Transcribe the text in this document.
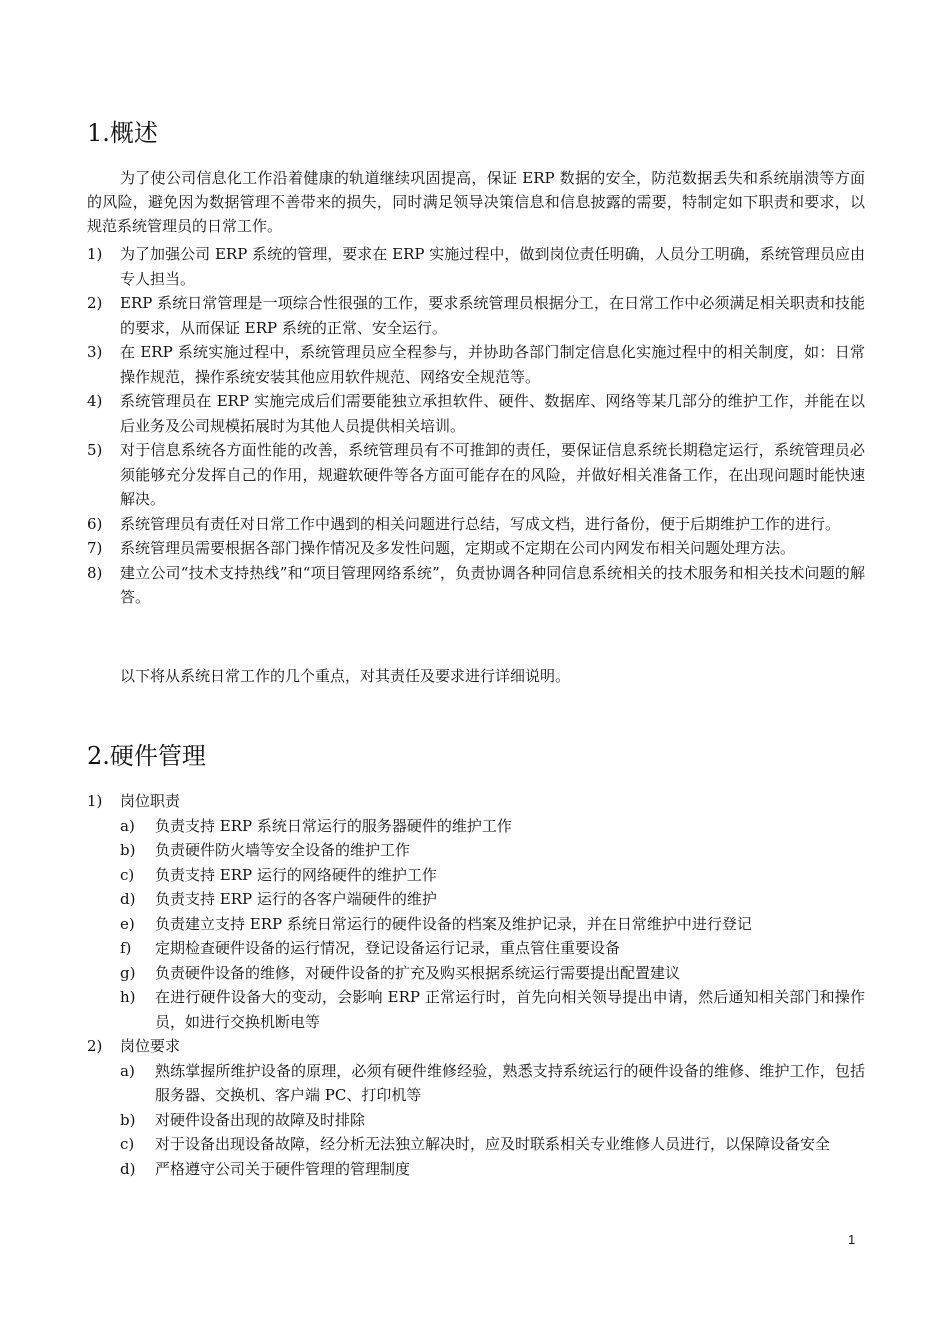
1.概述

为了使公司信息化工作沿着健康的轨道继续巩固提高，保证 ERP 数据的安全，防范数据丢失和系统崩溃等方面的风险，避免因为数据管理不善带来的损失，同时满足领导决策信息和信息披露的需要，特制定如下职责和要求，以规范系统管理员的日常工作。

1)	为了加强公司 ERP 系统的管理，要求在 ERP 实施过程中，做到岗位责任明确，人员分工明确，系统管理员应由专人担当。
2)	ERP 系统日常管理是一项综合性很强的工作，要求系统管理员根据分工，在日常工作中必须满足相关职责和技能的要求，从而保证 ERP 系统的正常、安全运行。
3)	在 ERP 系统实施过程中，系统管理员应全程参与，并协助各部门制定信息化实施过程中的相关制度，如：日常操作规范，操作系统安装其他应用软件规范、网络安全规范等。
4)	系统管理员在 ERP 实施完成后们需要能独立承担软件、硬件、数据库、网络等某几部分的维护工作，并能在以后业务及公司规模拓展时为其他人员提供相关培训。
5)	对于信息系统各方面性能的改善，系统管理员有不可推卸的责任，要保证信息系统长期稳定运行，系统管理员必须能够充分发挥自己的作用，规避软硬件等各方面可能存在的风险，并做好相关准备工作，在出现问题时能快速解决。
6)	系统管理员有责任对日常工作中遇到的相关问题进行总结，写成文档，进行备份，便于后期维护工作的进行。
7)	系统管理员需要根据各部门操作情况及多发性问题，定期或不定期在公司内网发布相关问题处理方法。
8)	建立公司“技术支持热线”和“项目管理网络系统”，负责协调各种同信息系统相关的技术服务和相关技术问题的解答。

以下将从系统日常工作的几个重点，对其责任及要求进行详细说明。

2.硬件管理
1)	岗位职责
a)	负责支持 ERP 系统日常运行的服务器硬件的维护工作
b)	负责硬件防火墙等安全设备的维护工作
c)	负责支持 ERP 运行的网络硬件的维护工作
d)	负责支持 ERP 运行的各客户端硬件的维护
e)	负责建立支持 ERP 系统日常运行的硬件设备的档案及维护记录，并在日常维护中进行登记
f)	定期检查硬件设备的运行情况，登记设备运行记录，重点管住重要设备
g)	负责硬件设备的维修，对硬件设备的扩充及购买根据系统运行需要提出配置建议
h)	在进行硬件设备大的变动，会影响 ERP 正常运行时，首先向相关领导提出申请，然后通知相关部门和操作员，如进行交换机断电等
2)	岗位要求
a)	熟练掌握所维护设备的原理，必须有硬件维修经验，熟悉支持系统运行的硬件设备的维修、维护工作，包括服务器、交换机、客户端 PC、打印机等
b)	对硬件设备出现的故障及时排除
c)	对于设备出现设备故障，经分析无法独立解决时，应及时联系相关专业维修人员进行，以保障设备安全
d)	严格遵守公司关于硬件管理的管理制度
1
